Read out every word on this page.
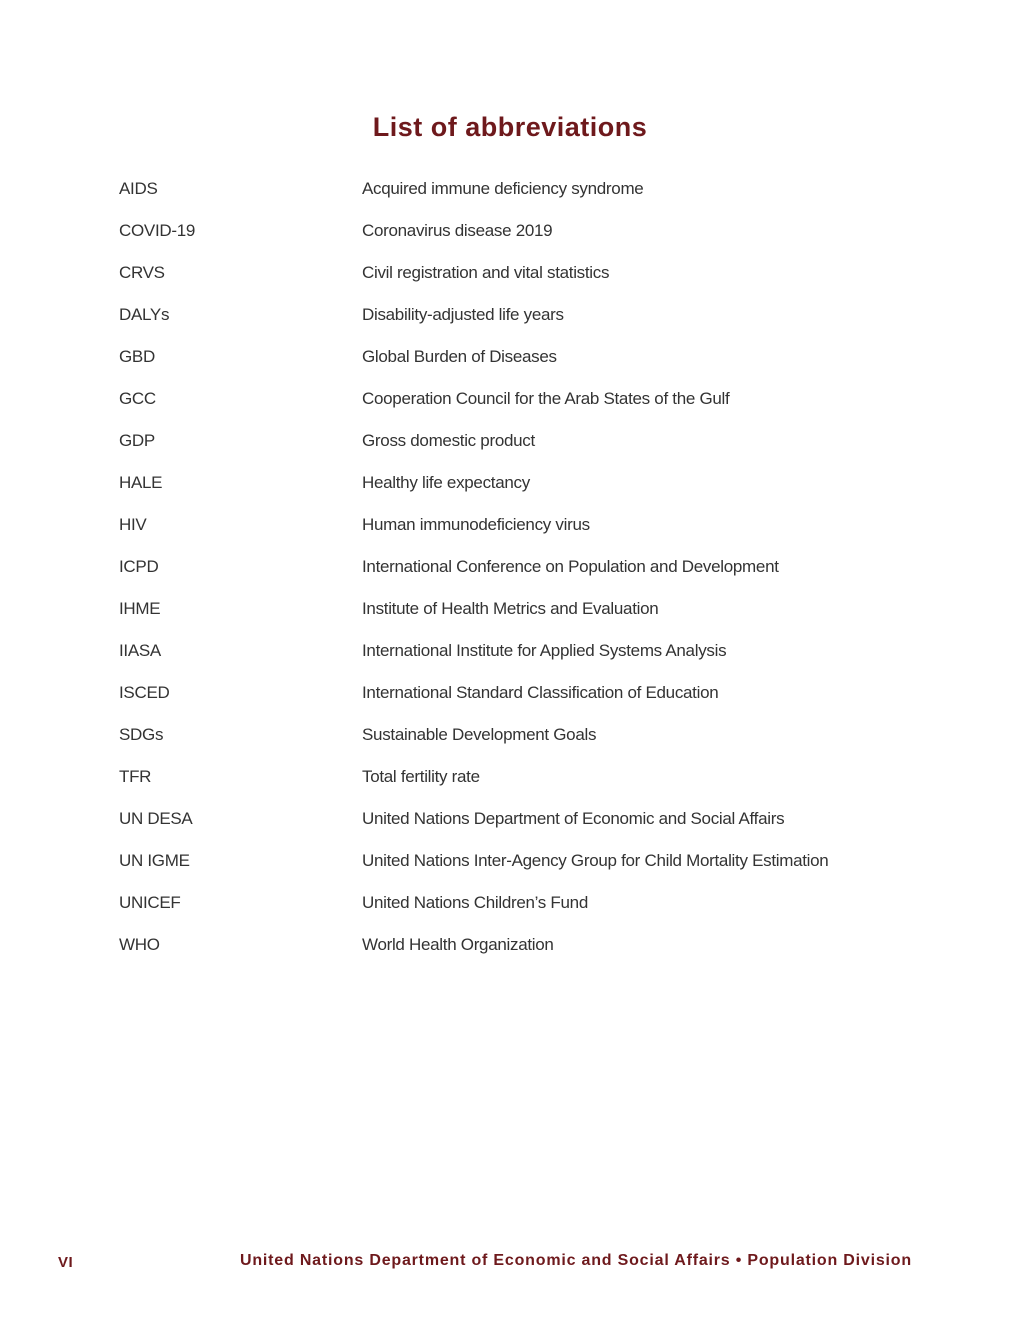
List of abbreviations
AIDS	Acquired immune deficiency syndrome
COVID-19	Coronavirus disease 2019
CRVS	Civil registration and vital statistics
DALYs	Disability-adjusted life years
GBD	Global Burden of Diseases
GCC	Cooperation Council for the Arab States of the Gulf
GDP	Gross domestic product
HALE	Healthy life expectancy
HIV	Human immunodeficiency virus
ICPD	International Conference on Population and Development
IHME	Institute of Health Metrics and Evaluation
IIASA	International Institute for Applied Systems Analysis
ISCED	International Standard Classification of Education
SDGs	Sustainable Development Goals
TFR	Total fertility rate
UN DESA	United Nations Department of Economic and Social Affairs
UN IGME	United Nations Inter-Agency Group for Child Mortality Estimation
UNICEF	United Nations Children’s Fund
WHO	World Health Organization
VI	United Nations Department of Economic and Social Affairs • Population Division
